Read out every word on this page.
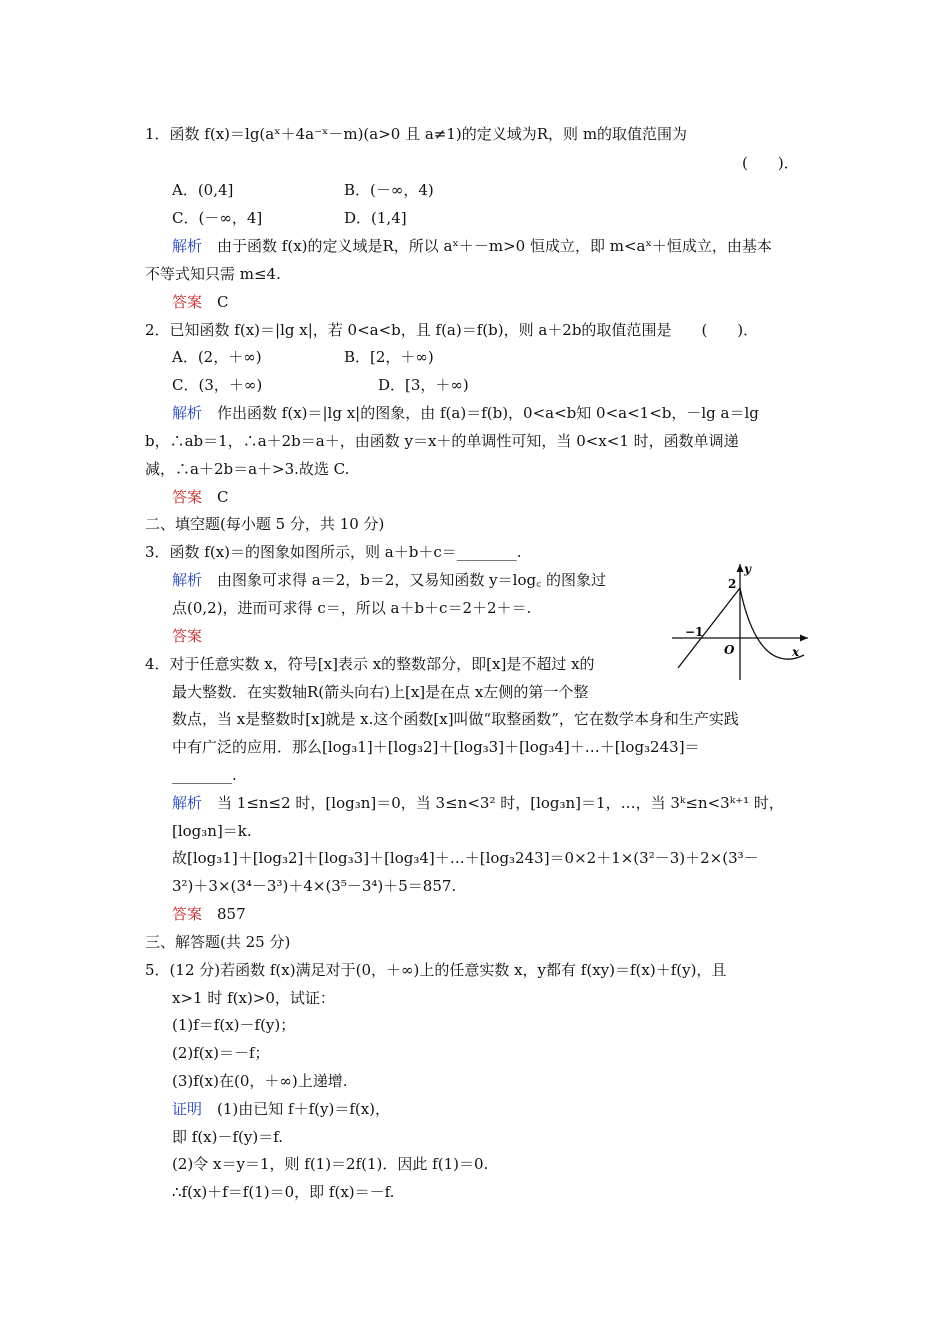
1．函数 f(x)＝lg(aˣ＋4a⁻ˣ－m)(a>0 且 a≠1)的定义域为R，则 m的取值范围为
(　　)．
A．(0,4]	B．(－∞，4)
C．(－∞，4]	D．(1,4]
解析　由于函数 f(x)的定义域是R，所以 aˣ＋－m>0 恒成立，即 m<aˣ＋恒成立，由基本
不等式知只需 m≤4.
答案　C
2．已知函数 f(x)＝|lg x|，若 0<a<b，且 f(a)＝f(b)，则 a＋2b的取值范围是　　(　　)．
A．(2，＋∞)	B．[2，＋∞)
C．(3，＋∞)	D．[3，＋∞)
解析　作出函数 f(x)＝|lg x|的图象，由 f(a)＝f(b)，0<a<b知 0<a<1<b，－lg a＝lg
b，∴ab＝1，∴a＋2b＝a＋，由函数 y＝x＋的单调性可知，当 0<x<1 时，函数单调递
减，∴a＋2b＝a＋>3.故选 C.
答案　C
二、填空题(每小题 5 分，共 10 分)
3．函数 f(x)＝的图象如图所示，则 a＋b＋c＝________.
解析　由图象可求得 a＝2，b＝2，又易知函数 y＝log꜀ 的图象过
点(0,2)，进而可求得 c＝，所以 a＋b＋c＝2＋2＋＝.
答案
4．对于任意实数 x，符号[x]表示 x的整数部分，即[x]是不超过 x的
最大整数．在实数轴R(箭头向右)上[x]是在点 x左侧的第一个整
数点，当 x是整数时[x]就是 x.这个函数[x]叫做“取整函数”，它在数学本身和生产实践
中有广泛的应用．那么[log₃1]＋[log₃2]＋[log₃3]＋[log₃4]＋…＋[log₃243]＝
________.
解析　当 1≤n≤2 时，[log₃n]＝0，当 3≤n<3² 时，[log₃n]＝1，…，当 3ᵏ≤n<3ᵏ⁺¹ 时，
[log₃n]＝k.
故[log₃1]＋[log₃2]＋[log₃3]＋[log₃4]＋…＋[log₃243]＝0×2＋1×(3²－3)＋2×(3³－
3²)＋3×(3⁴－3³)＋4×(3⁵－3⁴)＋5＝857.
答案　857
三、解答题(共 25 分)
5．(12 分)若函数 f(x)满足对于(0，＋∞)上的任意实数 x，y都有 f(xy)＝f(x)＋f(y)，且
x>1 时 f(x)>0，试证：
(1)f＝f(x)－f(y)；
(2)f(x)＝－f；
(3)f(x)在(0，＋∞)上递增.
证明　(1)由已知 f＋f(y)＝f(x)，
即 f(x)－f(y)＝f.
(2)令 x＝y＝1，则 f(1)＝2f(1)．因此 f(1)＝0.
∴f(x)＋f＝f(1)＝0，即 f(x)＝－f.
y
x
O
2
−1
